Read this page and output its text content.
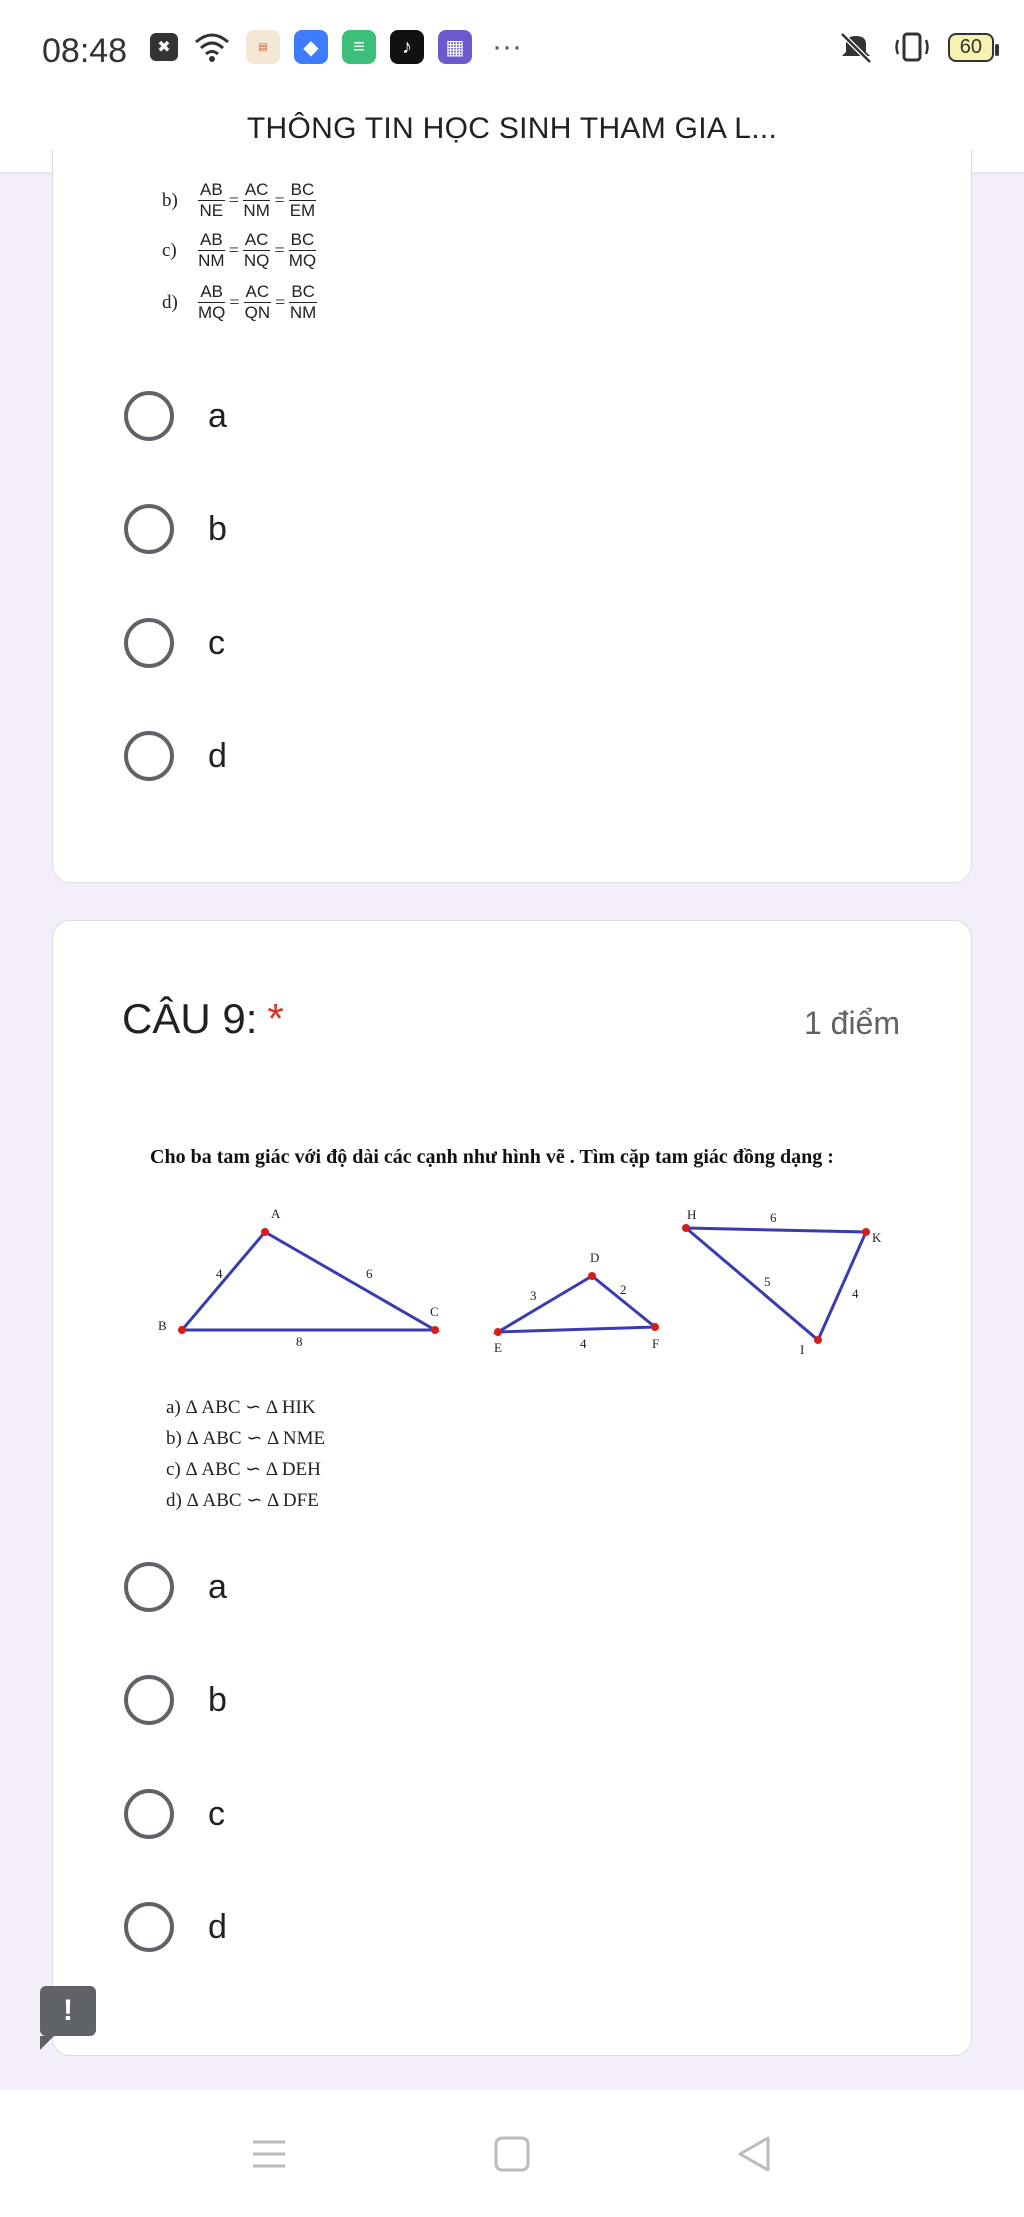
08:48	✖	▤	◆	≡	♪	▦ ···	60
THÔNG TIN HỌC SINH THAM GIA L...
b)	$\frac{AB}{NE} = \frac{AC}{NM} = \frac{BC}{EM}$
c)	$\frac{AB}{NM} = \frac{AC}{NQ} = \frac{BC}{MQ}$
d)	$\frac{AB}{MQ} = \frac{AC}{QN} = \frac{BC}{NM}$
a
b
c
d
CÂU 9: *	1 điểm
Cho ba tam giác với độ dài các cạnh như hình vẽ . Tìm cặp tam giác đồng dạng :
A
B
C
4	6
8
D
E	F
3	2
4
H
K
I
6
5
4
a) Δ ABC ∽ Δ HIK
b) Δ ABC ∽ Δ NME
c) Δ ABC ∽ Δ DEH
d) Δ ABC ∽ Δ DFE
a
b
c
d
!
